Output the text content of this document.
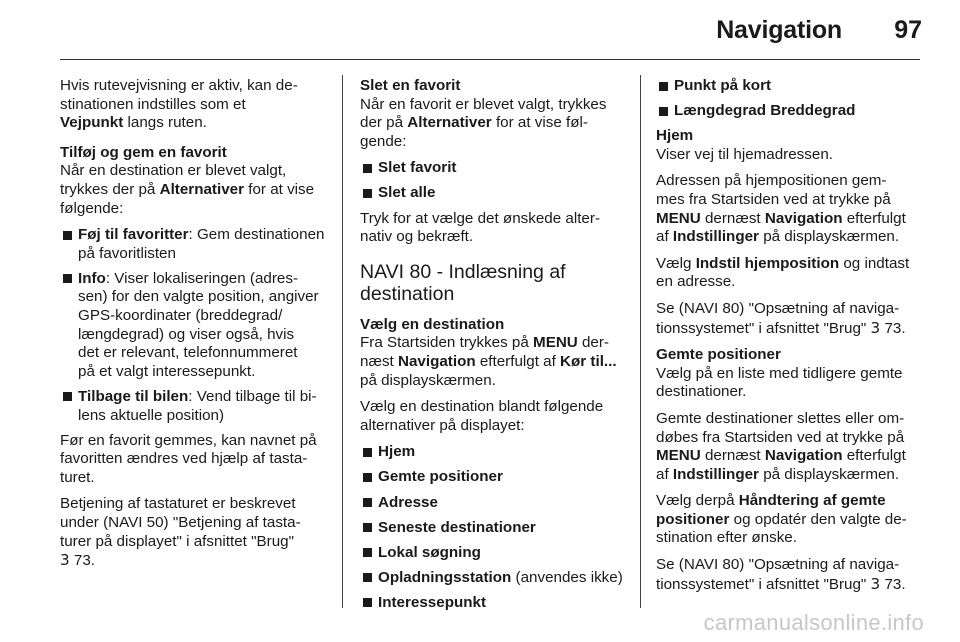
Navigation 97
Hvis rutevejvisning er aktiv, kan de-
stinationen indstilles som et
Vejpunkt langs ruten.
Tilføj og gem en favorit
Når en destination er blevet valgt,
trykkes der på Alternativer for at vise
følgende:
Føj til favoritter: Gem destinationen
på favoritlisten
Info: Viser lokaliseringen (adres-
sen) for den valgte position, angiver
GPS-koordinater (breddegrad/
længdegrad) og viser også, hvis
det er relevant, telefonnummeret
på et valgt interessepunkt.
Tilbage til bilen: Vend tilbage til bi-
lens aktuelle position)
Før en favorit gemmes, kan navnet på
favoritten ændres ved hjælp af tasta-
turet.
Betjening af tastaturet er beskrevet
under (NAVI 50) "Betjening af tasta-
turer på displayet" i afsnittet "Brug"
3 73.
Slet en favorit
Når en favorit er blevet valgt, trykkes
der på Alternativer for at vise føl-
gende:
Slet favorit
Slet alle
Tryk for at vælge det ønskede alter-
nativ og bekræft.
NAVI 80 - Indlæsning af
destination
Vælg en destination
Fra Startsiden trykkes på MENU der-
næst Navigation efterfulgt af Kør til...
på displayskærmen.
Vælg en destination blandt følgende
alternativer på displayet:
Hjem
Gemte positioner
Adresse
Seneste destinationer
Lokal søgning
Opladningsstation (anvendes ikke)
Interessepunkt
Punkt på kort
Længdegrad Breddegrad
Hjem
Viser vej til hjemadressen.
Adressen på hjempositionen gem-
mes fra Startsiden ved at trykke på
MENU dernæst Navigation efterfulgt
af Indstillinger på displayskærmen.
Vælg Indstil hjemposition og indtast
en adresse.
Se (NAVI 80) "Opsætning af naviga-
tionssystemet" i afsnittet "Brug" 3 73.
Gemte positioner
Vælg på en liste med tidligere gemte
destinationer.
Gemte destinationer slettes eller om-
døbes fra Startsiden ved at trykke på
MENU dernæst Navigation efterfulgt
af Indstillinger på displayskærmen.
Vælg derpå Håndtering af gemte
positioner og opdatér den valgte de-
stination efter ønske.
Se (NAVI 80) "Opsætning af naviga-
tionssystemet" i afsnittet "Brug" 3 73.
carmanualsonline.info
